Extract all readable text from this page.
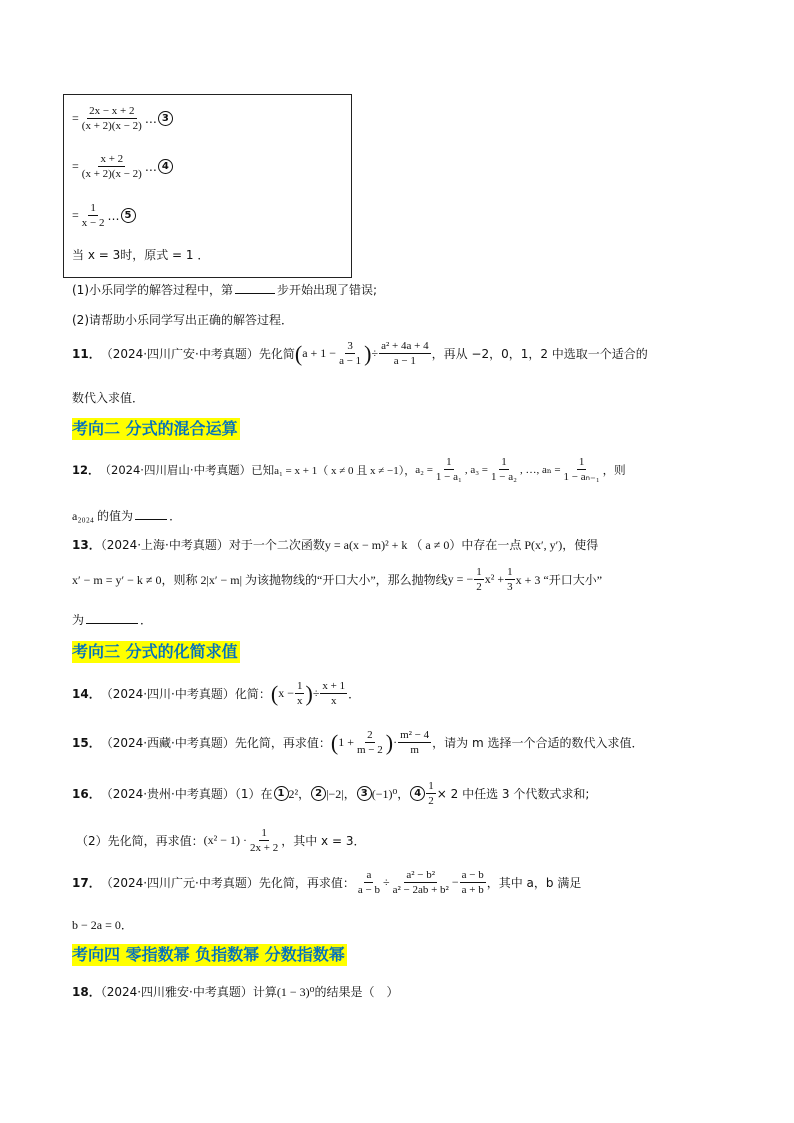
= $\frac{2x - x + 2}{(x + 2)(x - 2)}$ … 3
= $\frac{x + 2}{(x + 2)(x - 2)}$ … 4
= $\frac{1}{x - 2}$ … 5
当 x = 3时，原式 = 1 ．
(1)小乐同学的解答过程中，第	步开始出现了错误;
(2)请帮助小乐同学写出正确的解答过程．
11． （2024·四川广安·中考真题）先化简 ( $a + 1 - \frac{3}{a - 1}$ ) ÷ $\frac{\text{a² + 4a + 4}}{a - 1}$ ，再从 −2，0，1，2 中选取一个适合的
数代入求值．
考向二 分式的混合运算
12． （2024·四川眉山·中考真题）已知 a₁ = x + 1（ x ≠ 0 且 x ≠ −1）， $a_2 = \frac{1}{\text{1 − a₁}}$ , $a_3 = \frac{1}{\text{1 − a₂}}$ , …, $a_n = \frac{1}{\text{1 − aₙ₋₁}}$ ，则
a₂₀₂₄ 的值为	．
13．（2024·上海·中考真题）对于一个二次函数y = a(x − m)² + k （ a ≠ 0）中存在一点 P(x′, y′)，使得
x′ − m = y′ − k ≠ 0，则称 2|x′ − m| 为该抛物线的“开口大小”，那么抛物线 y = − $\frac{1}{2} x^2 + \frac{1}{3}$ x + 3 “开口大小”
为	．
考向三 分式的化简求值
14． （2024·四川·中考真题）化简： ( $x - \frac{1}{x}$ ) ÷ $\frac{x + 1}{x}$ ．
15． （2024·西藏·中考真题）先化简，再求值： ( $1 + \frac{2}{m - 2}$ ) · $\frac{\text{m² − 4}}{m}$ ，请为 m 选择一个合适的数代入求值．
16． （2024·贵州·中考真题）（1）在 1 2²， 2 |−2|， 3 (−1)⁰， $4 \frac{1}{2} \times 2$ 中任选 3 个代数式求和;
（2）先化简，再求值： $(x^2 - 1) \cdot \frac{1}{2x + 2}$ ，其中 x = 3．
17． （2024·四川广元·中考真题）先化简，再求值： $\frac{a}{a - b} \div \frac{\text{a² − b²}}{\text{a² − 2ab + b²}} - \frac{a - b}{a + b}$ ，其中 a，b 满足
b − 2a = 0．
考向四 零指数幂 负指数幂 分数指数幂
18．（2024·四川雅安·中考真题）计算(1 − 3)⁰的结果是（　）
